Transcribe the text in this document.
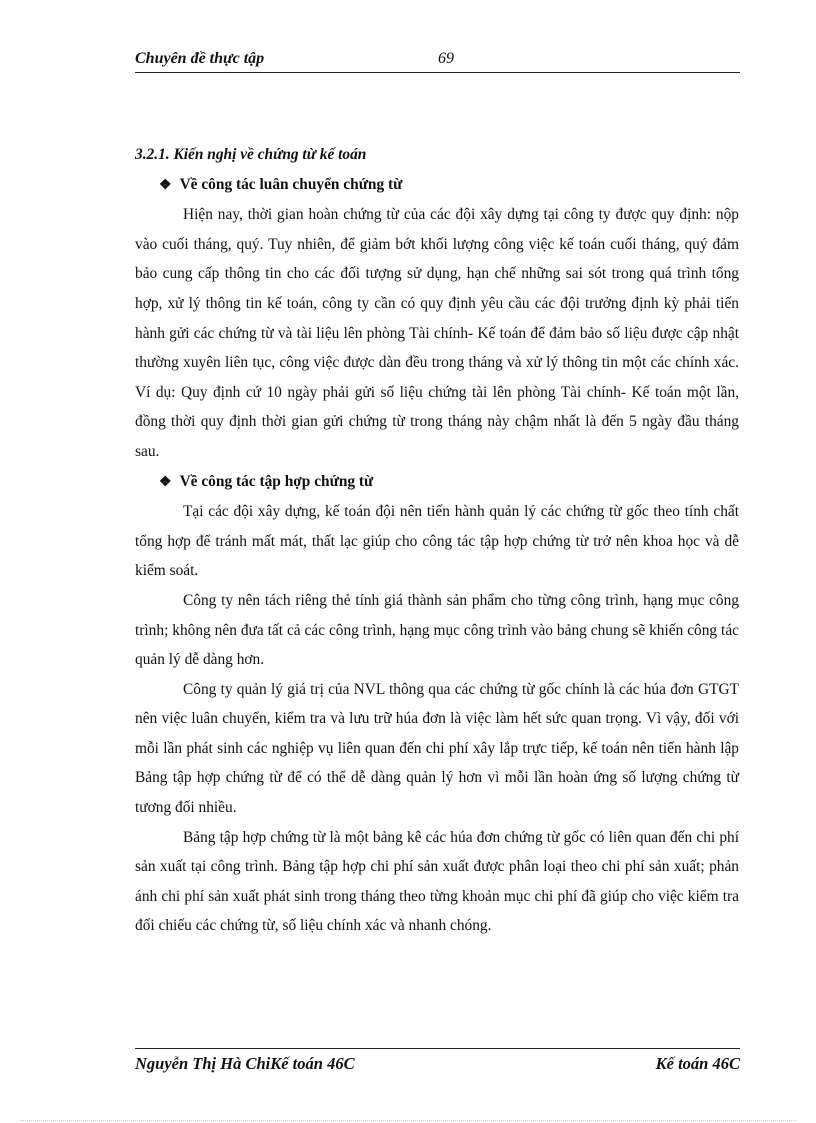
Chuyên đề thực tập	69

3.2.1. Kiến nghị về chứng từ kế toán

❖ Về công tác luân chuyển chứng từ

Hiện nay, thời gian hoàn chứng từ của các đội xây dựng tại công ty được quy định: nộp vào cuối tháng, quý. Tuy nhiên, để giảm bớt khối lượng công việc kế toán cuối tháng, quý đảm bảo cung cấp thông tin cho các đối tượng sử dụng, hạn chế những sai sót trong quá trình tổng hợp, xử lý thông tin kế toán, công ty cần có quy định yêu cầu các đội trưởng định kỳ phải tiến hành gửi các chứng từ và tài liệu lên phòng Tài chính- Kế toán để đảm bảo số liệu được cập nhật thường xuyên liên tục, công việc được dàn đều trong tháng và xử lý thông tin một các chính xác. Ví dụ: Quy định cứ 10 ngày phải gửi số liệu chứng tài lên phòng Tài chính- Kế toán một lần, đồng thời quy định thời gian gửi chứng từ trong tháng này chậm nhất là đến 5 ngày đầu tháng sau.

❖ Về công tác tập hợp chứng từ

Tại các đội xây dựng, kế toán đội nên tiến hành quản lý các chứng từ gốc theo tính chất tổng hợp để tránh mất mát, thất lạc giúp cho công tác tập hợp chứng từ trở nên khoa học và dễ kiểm soát.

Công ty nên tách riêng thẻ tính giá thành sản phẩm cho từng công trình, hạng mục công trình; không nên đưa tất cả các công trình, hạng mục công trình vào bảng chung sẽ khiến công tác quản lý dễ dàng hơn.

Công ty quản lý giá trị của NVL thông qua các chứng từ gốc chính là các húa đơn GTGT nên việc luân chuyển, kiểm tra và lưu trữ húa đơn là việc làm hết sức quan trọng. Vì vậy, đối với mỗi lần phát sinh các nghiệp vụ liên quan đến chi phí xây lắp trực tiếp, kế toán nên tiến hành lập Bảng tập hợp chứng từ để có thể dễ dàng quản lý hơn vì mỗi lần hoàn ứng số lượng chứng từ tương đối nhiều.

Bảng tập hợp chứng từ là một bảng kê các húa đơn chứng từ gốc có liên quan đến chi phí sản xuất tại công trình. Bảng tập hợp chi phí sản xuất được phân loại theo chi phí sản xuất; phản ánh chi phí sản xuất phát sinh trong tháng theo từng khoản mục chi phí đã giúp cho việc kiểm tra đối chiếu các chứng từ, số liệu chính xác và nhanh chóng.

Nguyễn Thị Hà ChiKế toán 46C	Kế toán 46C
